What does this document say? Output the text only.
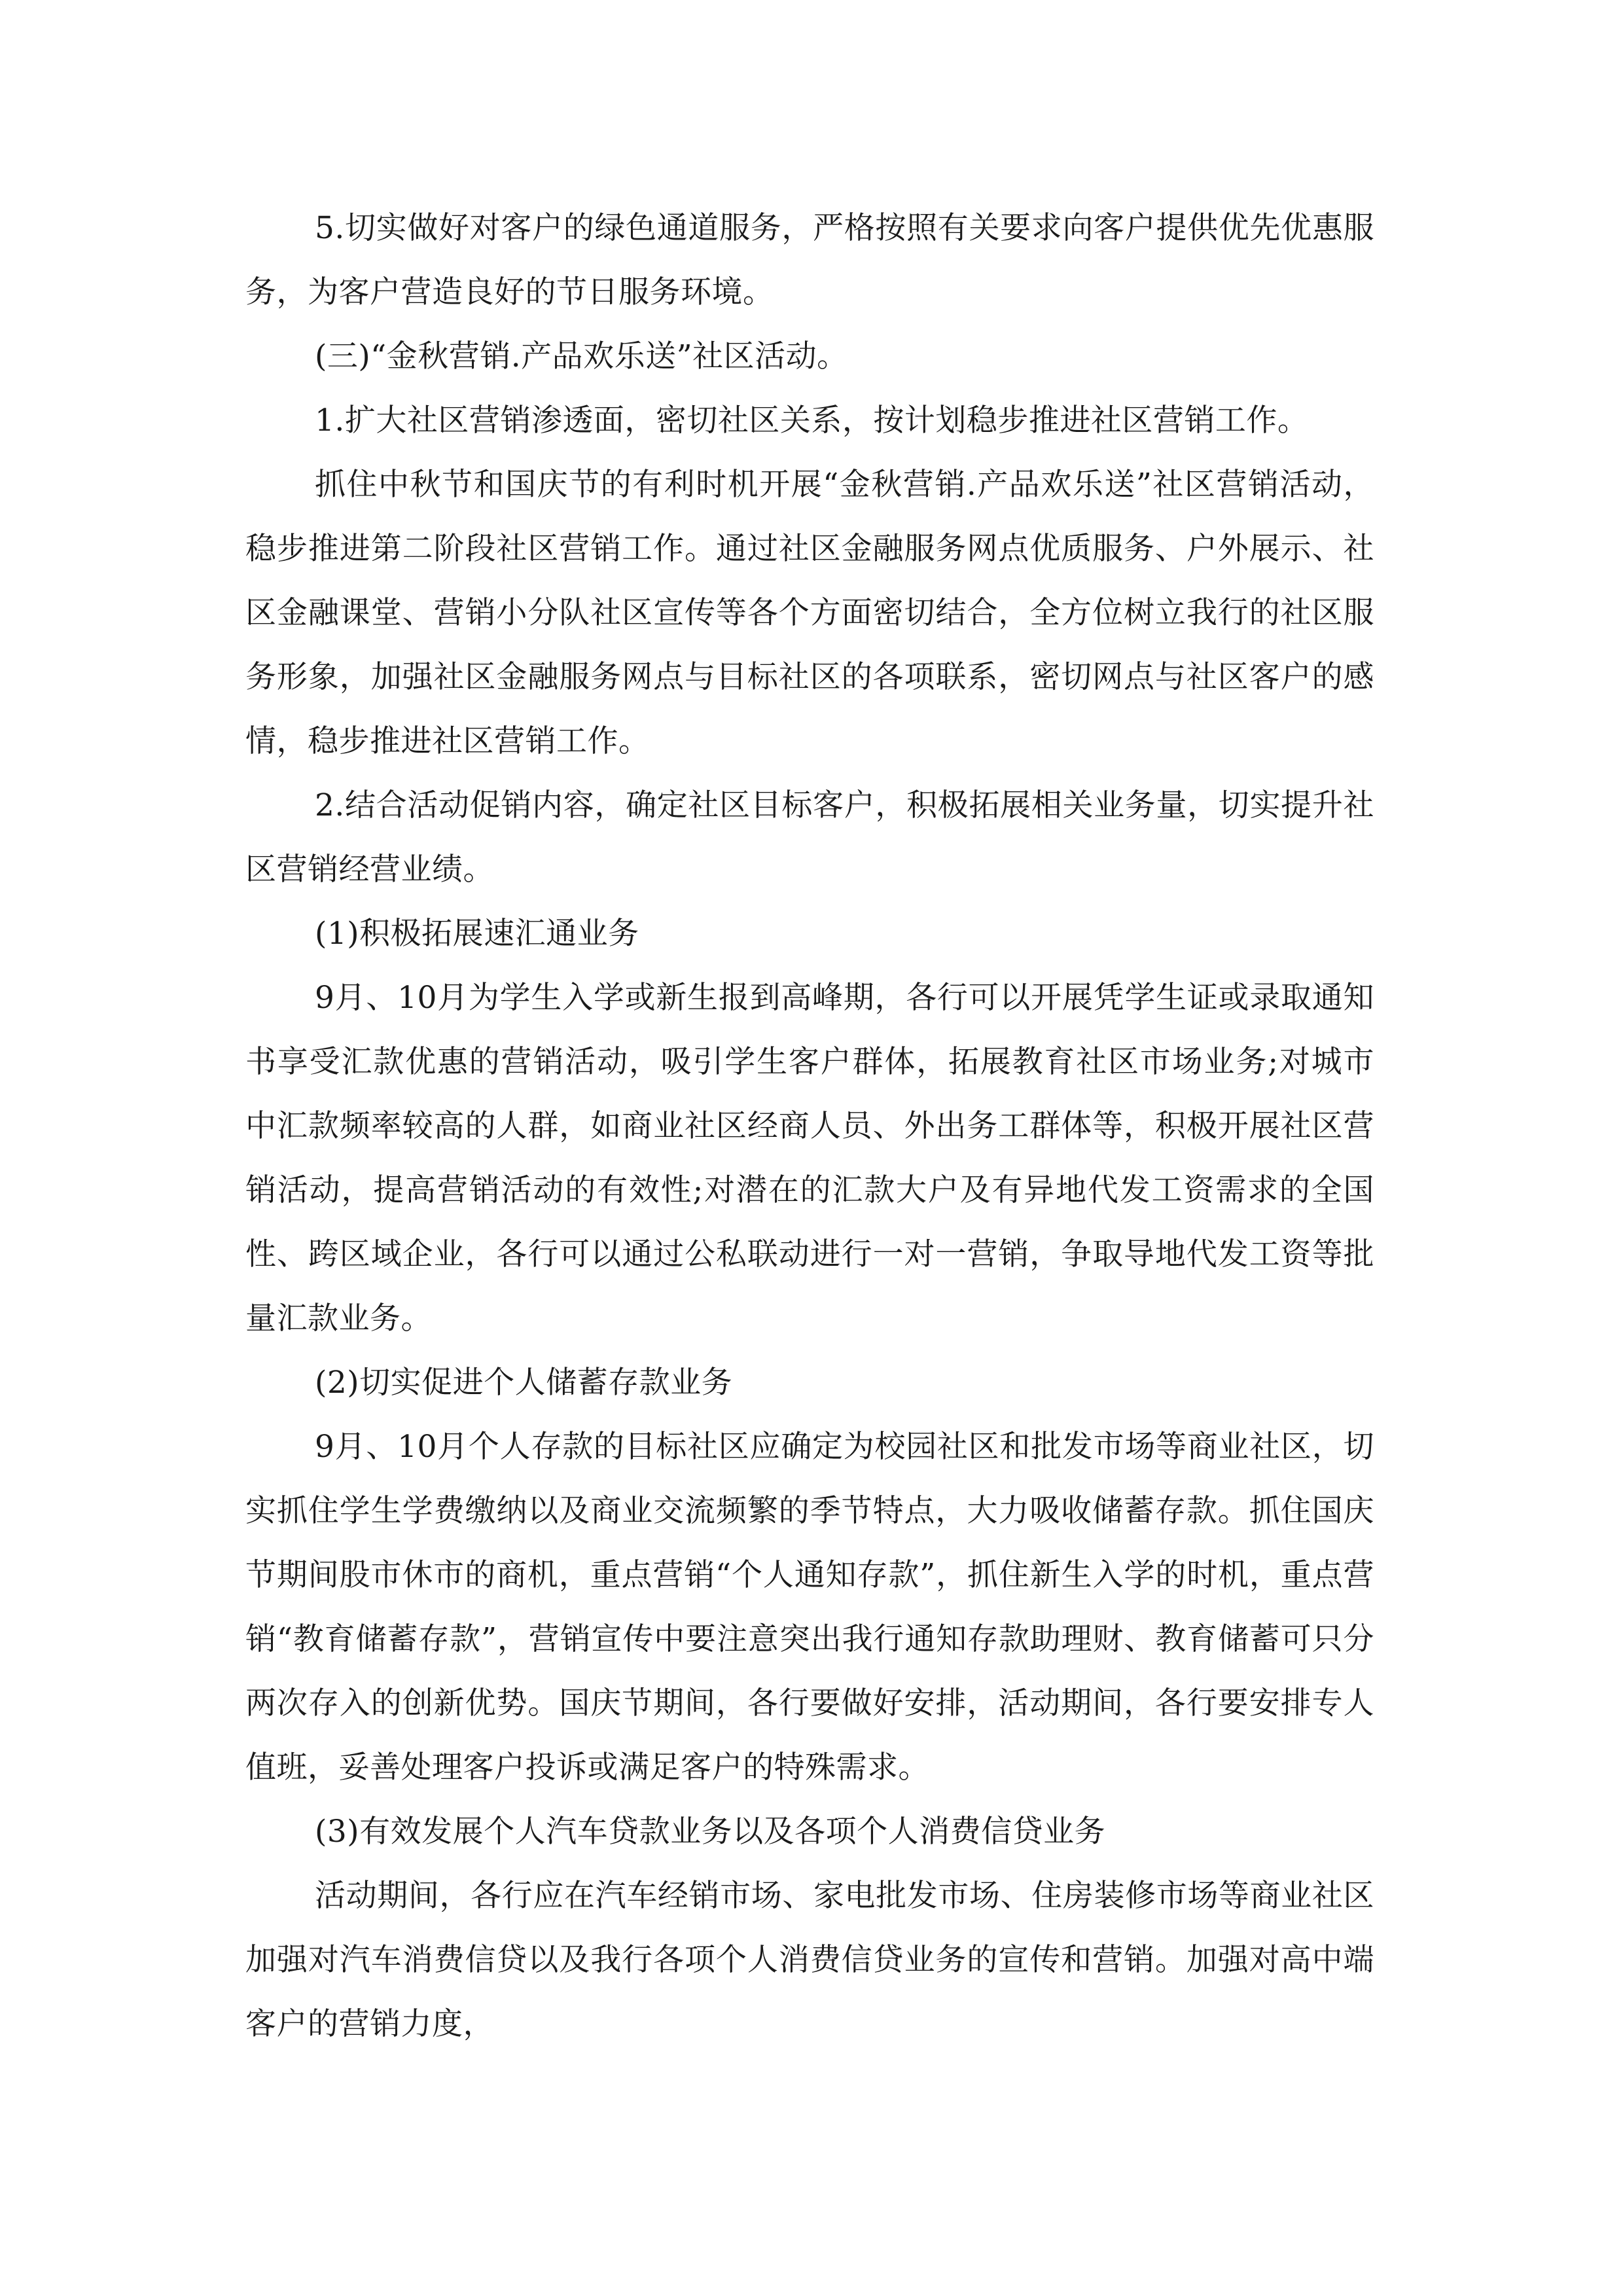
5.切实做好对客户的绿色通道服务，严格按照有关要求向客户提供优先优惠服务，为客户营造良好的节日服务环境。

(三)“金秋营销.产品欢乐送”社区活动。

1.扩大社区营销渗透面，密切社区关系，按计划稳步推进社区营销工作。

抓住中秋节和国庆节的有利时机开展“金秋营销.产品欢乐送”社区营销活动，稳步推进第二阶段社区营销工作。通过社区金融服务网点优质服务、户外展示、社区金融课堂、营销小分队社区宣传等各个方面密切结合，全方位树立我行的社区服务形象，加强社区金融服务网点与目标社区的各项联系，密切网点与社区客户的感情，稳步推进社区营销工作。

2.结合活动促销内容，确定社区目标客户，积极拓展相关业务量，切实提升社区营销经营业绩。

(1)积极拓展速汇通业务

9月、10月为学生入学或新生报到高峰期，各行可以开展凭学生证或录取通知书享受汇款优惠的营销活动，吸引学生客户群体，拓展教育社区市场业务;对城市中汇款频率较高的人群，如商业社区经商人员、外出务工群体等，积极开展社区营销活动，提高营销活动的有效性;对潜在的汇款大户及有异地代发工资需求的全国性、跨区域企业，各行可以通过公私联动进行一对一营销，争取导地代发工资等批量汇款业务。

(2)切实促进个人储蓄存款业务

9月、10月个人存款的目标社区应确定为校园社区和批发市场等商业社区，切实抓住学生学费缴纳以及商业交流频繁的季节特点，大力吸收储蓄存款。抓住国庆节期间股市休市的商机，重点营销“个人通知存款”，抓住新生入学的时机，重点营销“教育储蓄存款”，营销宣传中要注意突出我行通知存款助理财、教育储蓄可只分两次存入的创新优势。国庆节期间，各行要做好安排，活动期间，各行要安排专人值班，妥善处理客户投诉或满足客户的特殊需求。

(3)有效发展个人汽车贷款业务以及各项个人消费信贷业务

活动期间，各行应在汽车经销市场、家电批发市场、住房装修市场等商业社区加强对汽车消费信贷以及我行各项个人消费信贷业务的宣传和营销。加强对高中端客户的营销力度，
